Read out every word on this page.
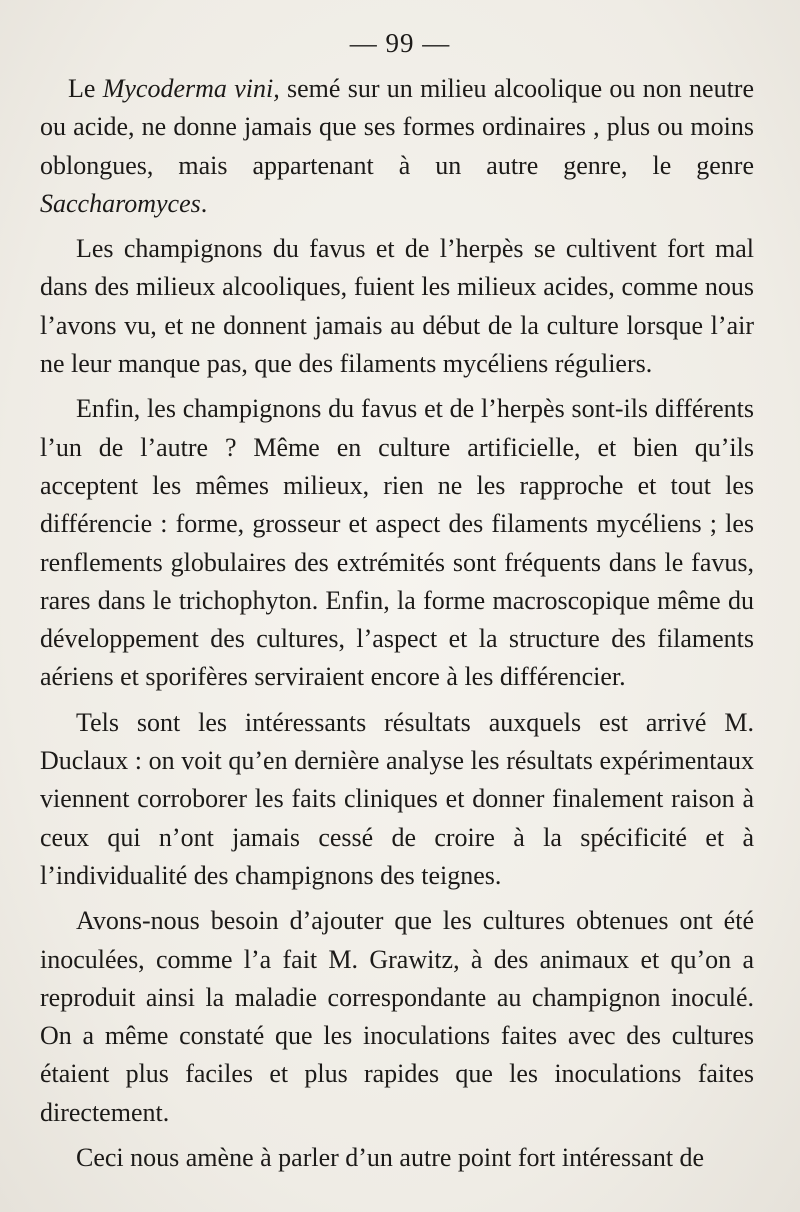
— 99 —

Le Mycoderma vini, semé sur un milieu alcoolique ou non neutre ou acide, ne donne jamais que ses formes ordinaires , plus ou moins oblongues, mais appartenant à un autre genre, le genre Saccharomyces.

Les champignons du favus et de l’herpès se cultivent fort mal dans des milieux alcooliques, fuient les milieux acides, comme nous l’avons vu, et ne donnent jamais au début de la culture lorsque l’air ne leur manque pas, que des filaments mycéliens réguliers.

Enfin, les champignons du favus et de l’herpès sont-ils différents l’un de l’autre ? Même en culture artificielle, et bien qu’ils acceptent les mêmes milieux, rien ne les rapproche et tout les différencie : forme, grosseur et aspect des filaments mycéliens ; les renflements globulaires des extrémités sont fréquents dans le favus, rares dans le trichophyton. Enfin, la forme macroscopique même du développement des cultures, l’aspect et la structure des filaments aériens et sporifères serviraient encore à les différencier.

Tels sont les intéressants résultats auxquels est arrivé M. Duclaux : on voit qu’en dernière analyse les résultats expérimentaux viennent corroborer les faits cliniques et donner finalement raison à ceux qui n’ont jamais cessé de croire à la spécificité et à l’individualité des champignons des teignes.

Avons-nous besoin d’ajouter que les cultures obtenues ont été inoculées, comme l’a fait M. Grawitz, à des animaux et qu’on a reproduit ainsi la maladie correspondante au champignon inoculé. On a même constaté que les inoculations faites avec des cultures étaient plus faciles et plus rapides que les inoculations faites directement.

Ceci nous amène à parler d’un autre point fort intéressant de
